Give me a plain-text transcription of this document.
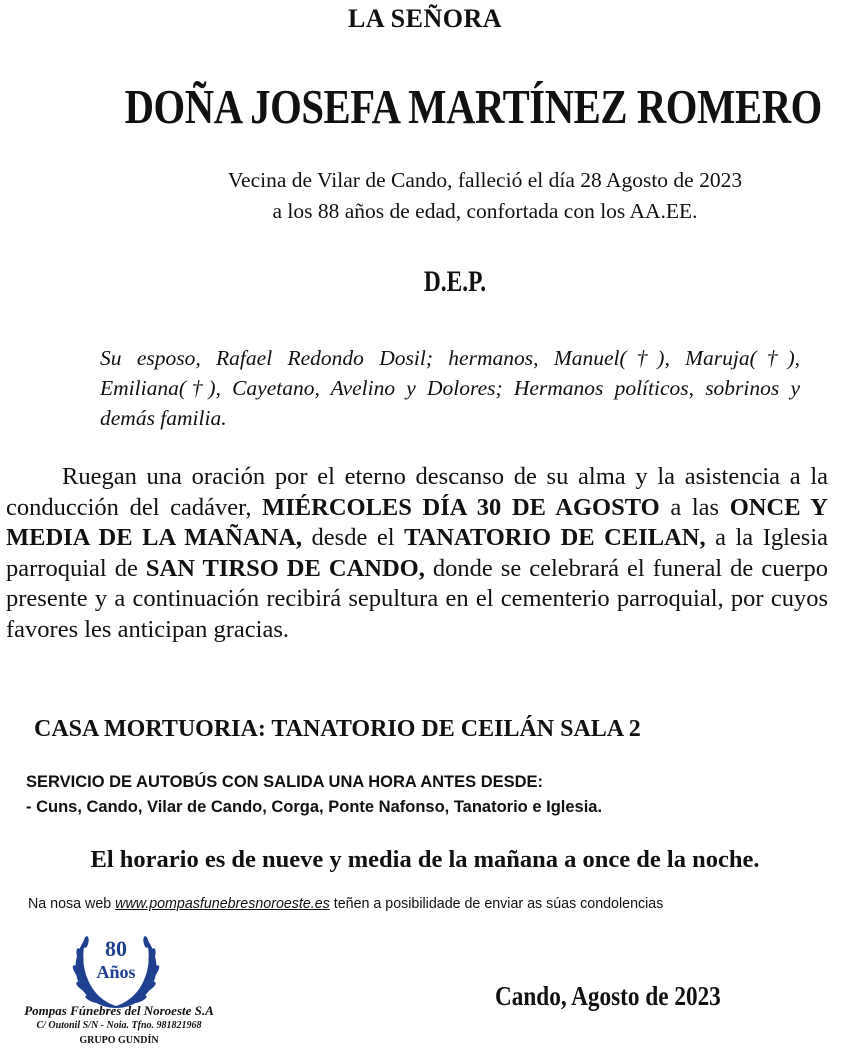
LA SEÑORA
DOÑA JOSEFA MARTÍNEZ ROMERO
Vecina de Vilar de Cando, falleció el día 28 Agosto de 2023
a los 88 años de edad, confortada con los AA.EE.
D.E.P.
Su esposo, Rafael Redondo Dosil; hermanos, Manuel(†), Maruja(†), Emiliana(†), Cayetano, Avelino y Dolores; Hermanos políticos, sobrinos y demás familia.
Ruegan una oración por el eterno descanso de su alma y la asistencia a la conducción del cadáver, MIÉRCOLES DÍA 30 DE AGOSTO a las ONCE Y MEDIA DE LA MAÑANA, desde el TANATORIO DE CEILAN, a la Iglesia parroquial de SAN TIRSO DE CANDO, donde se celebrará el funeral de cuerpo presente y a continuación recibirá sepultura en el cementerio parroquial, por cuyos favores les anticipan gracias.
CASA MORTUORIA: TANATORIO DE CEILÁN SALA 2
SERVICIO DE AUTOBÚS CON SALIDA UNA HORA ANTES DESDE:
- Cuns, Cando, Vilar de Cando, Corga, Ponte Nafonso, Tanatorio e Iglesia.
El horario es de nueve y media de la mañana a once de la noche.
Na nosa web www.pompasfunebresnoroeste.es teñen a posibilidade de enviar as súas condolencias
80
Años
Pompas Fúnebres del Noroeste S.A
C/ Outonil S/N - Noia. Tfno. 981821968
GRUPO GUNDÍN
Cando, Agosto de 2023
